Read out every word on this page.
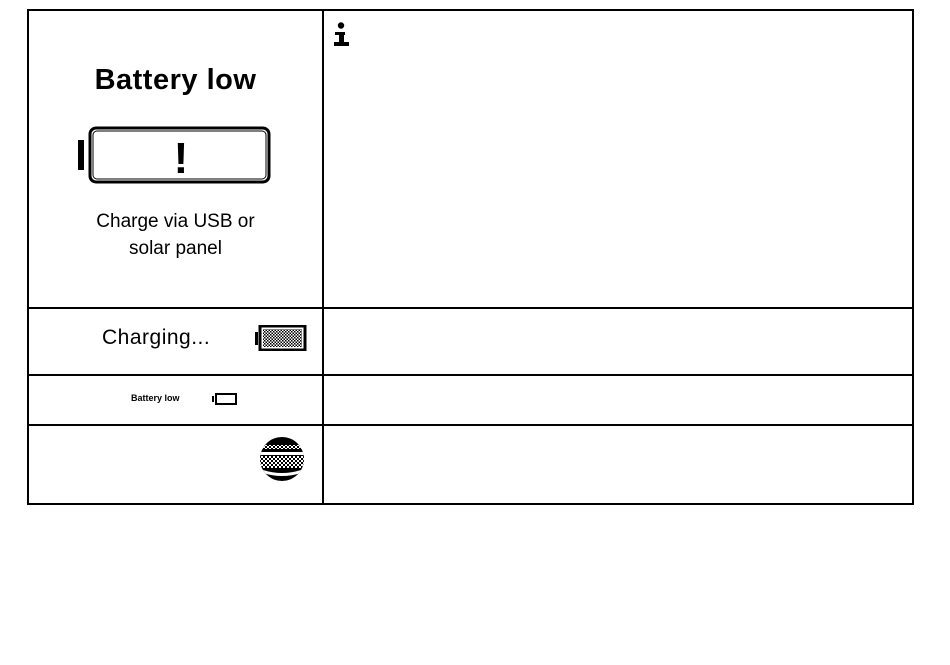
Battery low
!
Charge via USB or
solar panel
Charging...
Battery low
